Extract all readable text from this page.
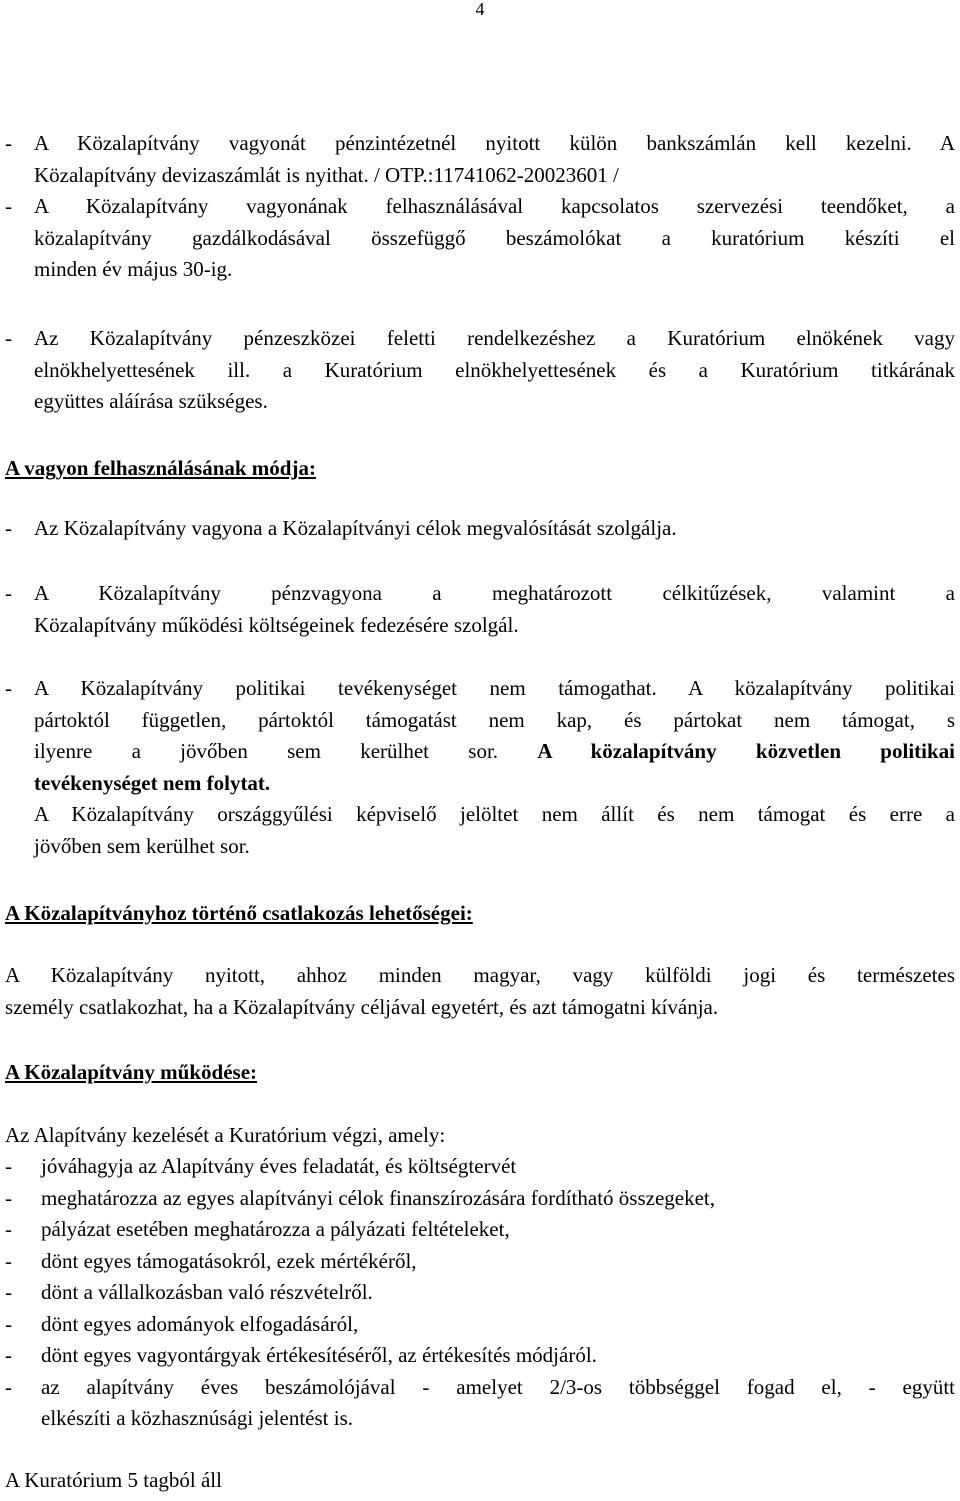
4
-	A Közalapítvány vagyonát pénzintézetnél nyitott külön bankszámlán kell kezelni. A
Közalapítvány devizaszámlát is nyithat. / OTP.:11741062-20023601 /
-	A Közalapítvány vagyonának felhasználásával kapcsolatos szervezési teendőket, a
közalapítvány gazdálkodásával összefüggő beszámolókat a kuratórium készíti el
minden év május 30-ig.
-	Az Közalapítvány pénzeszközei feletti rendelkezéshez a Kuratórium elnökének vagy
elnökhelyettesének ill. a Kuratórium elnökhelyettesének és a Kuratórium titkárának
együttes aláírása szükséges.
A vagyon felhasználásának módja:
-	Az Közalapítvány vagyona a Közalapítványi célok megvalósítását szolgálja.
-	A Közalapítvány pénzvagyona a meghatározott célkitűzések, valamint a
Közalapítvány működési költségeinek fedezésére szolgál.
-	A Közalapítvány politikai tevékenységet nem támogathat. A közalapítvány politikai
pártoktól független, pártoktól támogatást nem kap, és pártokat nem támogat, s
ilyenre a jövőben sem kerülhet sor. A közalapítvány közvetlen politikai
tevékenységet nem folytat.
A Közalapítvány országgyűlési képviselő jelöltet nem állít és nem támogat és erre a
jövőben sem kerülhet sor.
A Közalapítványhoz történő csatlakozás lehetőségei:
A Közalapítvány nyitott, ahhoz minden magyar, vagy külföldi jogi és természetes
személy csatlakozhat, ha a Közalapítvány céljával egyetért, és azt támogatni kívánja.
A Közalapítvány működése:
Az Alapítvány kezelését a Kuratórium végzi, amely:
-	jóváhagyja az Alapítvány éves feladatát, és költségtervét
-	meghatározza az egyes alapítványi célok finanszírozására fordítható összegeket,
-	pályázat esetében meghatározza a pályázati feltételeket,
-	dönt egyes támogatásokról, ezek mértékéről,
-	dönt a vállalkozásban való részvételről.
-	dönt egyes adományok elfogadásáról,
-	dönt egyes vagyontárgyak értékesítéséről, az értékesítés módjáról.
-	az alapítvány éves beszámolójával - amelyet 2/3-os többséggel fogad el, - együtt
elkészíti a közhasznúsági jelentést is.
A Kuratórium 5 tagból áll
